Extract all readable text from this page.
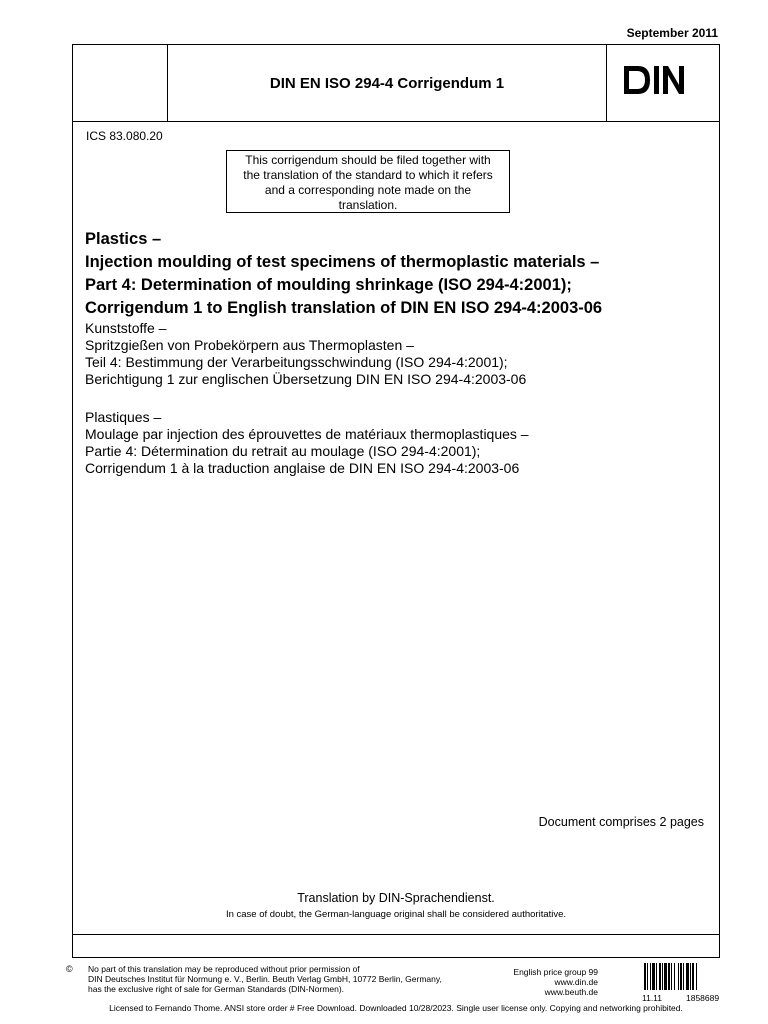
September 2011
DIN EN ISO 294-4 Corrigendum 1
ICS 83.080.20
This corrigendum should be filed together with
the translation of the standard to which it refers
and a corresponding note made on the
translation.
Plastics –
Injection moulding of test specimens of thermoplastic materials –
Part 4: Determination of moulding shrinkage (ISO 294-4:2001);
Corrigendum 1 to English translation of DIN EN ISO 294-4:2003-06
Kunststoffe –
Spritzgießen von Probekörpern aus Thermoplasten –
Teil 4: Bestimmung der Verarbeitungsschwindung (ISO 294-4:2001);
Berichtigung 1 zur englischen Übersetzung DIN EN ISO 294-4:2003-06
Plastiques –
Moulage par injection des éprouvettes de matériaux thermoplastiques –
Partie 4: Détermination du retrait au moulage (ISO 294-4:2001);
Corrigendum 1 à la traduction anglaise de DIN EN ISO 294-4:2003-06
Document comprises 2 pages
Translation by DIN-Sprachendienst.
In case of doubt, the German-language original shall be considered authoritative.
© No part of this translation may be reproduced without prior permission of
DIN Deutsches Institut für Normung e. V., Berlin. Beuth Verlag GmbH, 10772 Berlin, Germany,
has the exclusive right of sale for German Standards (DIN-Normen).
English price group 99
www.din.de
www.beuth.de
11.11	1858689
Licensed to Fernando Thome. ANSI store order # Free Download. Downloaded 10/28/2023. Single user license only. Copying and networking prohibited.
